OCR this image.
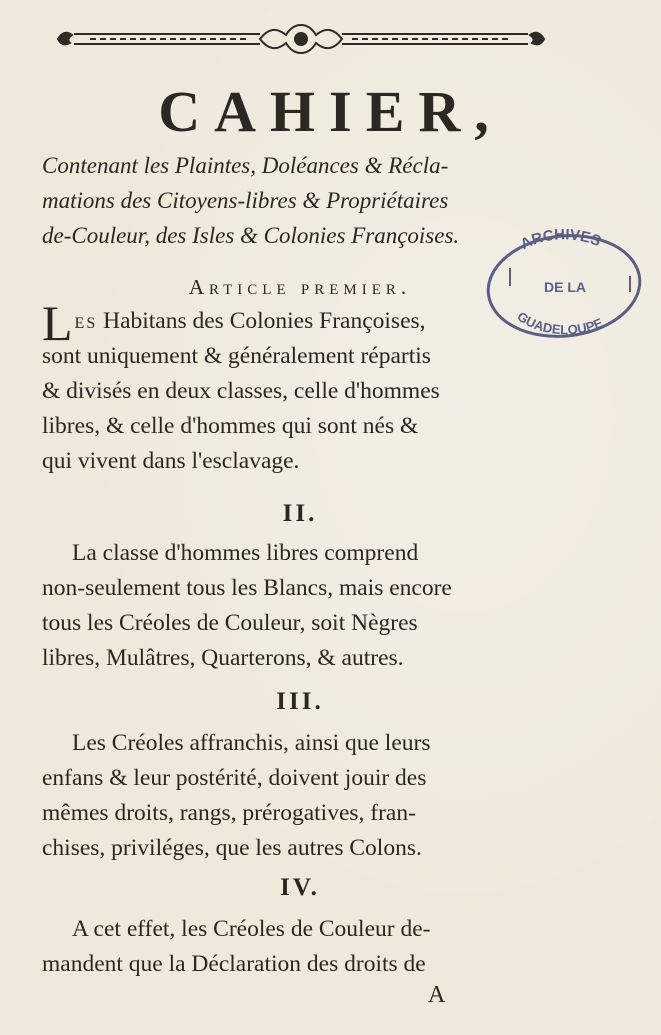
CAHIER,
Contenant les Plaintes, Doléances & Récla-
mations des Citoyens-libres & Propriétaires
de-Couleur, des Isles & Colonies Françoises.
Article premier.
Les Habitans des Colonies Françoises,
sont uniquement & généralement répartis
& divisés en deux classes, celle d'hommes
libres, & celle d'hommes qui sont nés &
qui vivent dans l'esclavage.
II.
La classe d'hommes libres comprend
non-seulement tous les Blancs, mais encore
tous les Créoles de Couleur, soit Nègres
libres, Mulâtres, Quarterons, & autres.
III.
Les Créoles affranchis, ainsi que leurs
enfans & leur postérité, doivent jouir des
mêmes droits, rangs, prérogatives, fran-
chises, priviléges, que les autres Colons.
IV.
A cet effet, les Créoles de Couleur de-
mandent que la Déclaration des droits de
A
ARCHIVES
DE LA
GUADELOUPE
